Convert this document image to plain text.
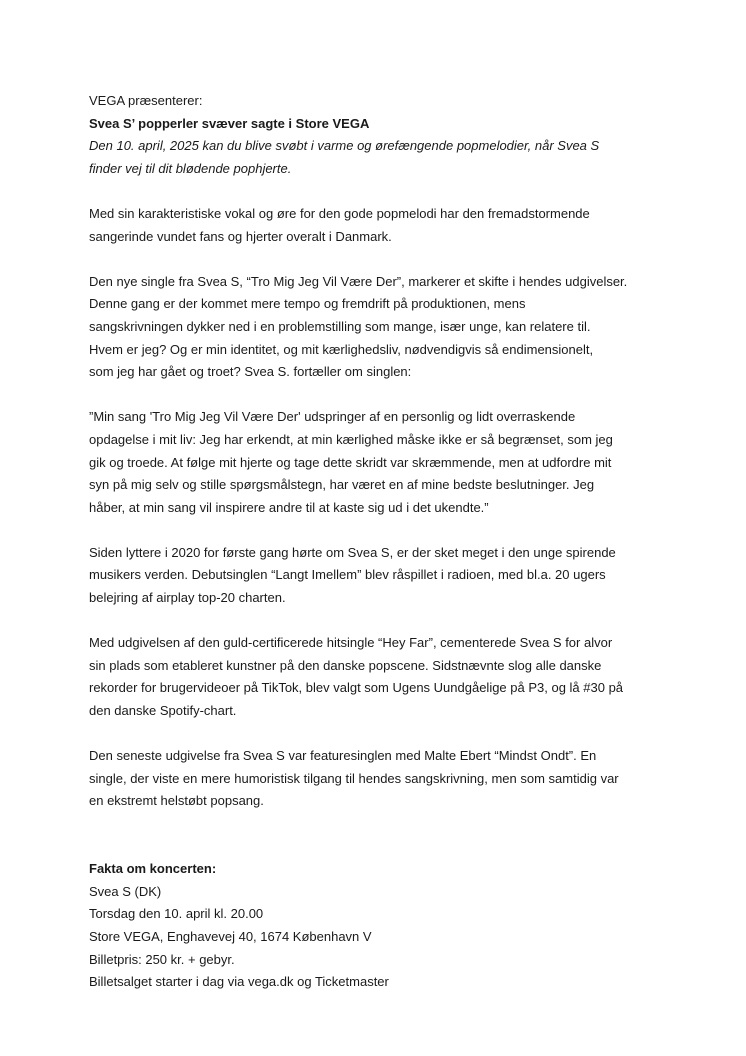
VEGA præsenterer:
Svea S’ popperler svæver sagte i Store VEGA
Den 10. april, 2025 kan du blive svøbt i varme og ørefængende popmelodier, når Svea S
finder vej til dit blødende pophjerte.
Med sin karakteristiske vokal og øre for den gode popmelodi har den fremadstormende
sangerinde vundet fans og hjerter overalt i Danmark.
Den nye single fra Svea S, “Tro Mig Jeg Vil Være Der”, markerer et skifte i hendes udgivelser.
Denne gang er der kommet mere tempo og fremdrift på produktionen, mens
sangskrivningen dykker ned i en problemstilling som mange, især unge, kan relatere til.
Hvem er jeg? Og er min identitet, og mit kærlighedsliv, nødvendigvis så endimensionelt,
som jeg har gået og troet? Svea S. fortæller om singlen:
”Min sang 'Tro Mig Jeg Vil Være Der' udspringer af en personlig og lidt overraskende
opdagelse i mit liv: Jeg har erkendt, at min kærlighed måske ikke er så begrænset, som jeg
gik og troede. At følge mit hjerte og tage dette skridt var skræmmende, men at udfordre mit
syn på mig selv og stille spørgsmålstegn, har været en af mine bedste beslutninger. Jeg
håber, at min sang vil inspirere andre til at kaste sig ud i det ukendte.”
Siden lyttere i 2020 for første gang hørte om Svea S, er der sket meget i den unge spirende
musikers verden. Debutsinglen “Langt Imellem” blev råspillet i radioen, med bl.a. 20 ugers
belejring af airplay top-20 charten.
Med udgivelsen af den guld-certificerede hitsingle “Hey Far”, cementerede Svea S for alvor
sin plads som etableret kunstner på den danske popscene. Sidstnævnte slog alle danske
rekorder for brugervideoer på TikTok, blev valgt som Ugens Uundgåelige på P3, og lå #30 på
den danske Spotify-chart.
Den seneste udgivelse fra Svea S var featuresinglen med Malte Ebert “Mindst Ondt”. En
single, der viste en mere humoristisk tilgang til hendes sangskrivning, men som samtidig var
en ekstremt helstøbt popsang.
Fakta om koncerten:
Svea S (DK)
Torsdag den 10. april kl. 20.00
Store VEGA, Enghavevej 40, 1674 København V
Billetpris: 250 kr. + gebyr.
Billetsalget starter i dag via vega.dk og Ticketmaster
